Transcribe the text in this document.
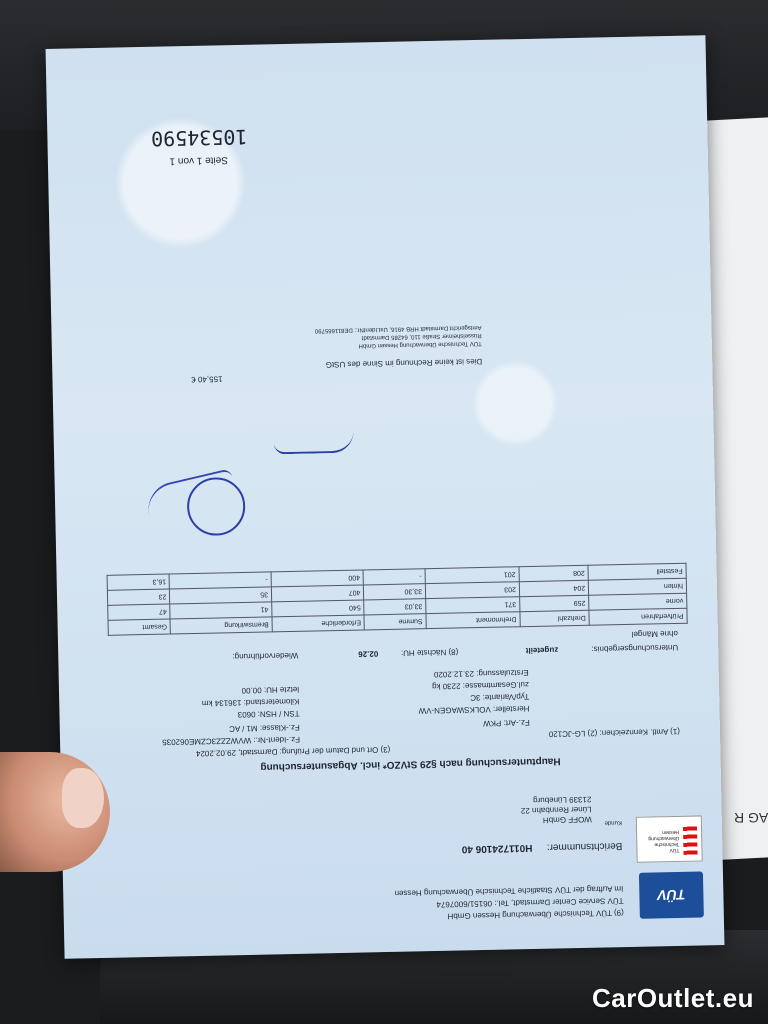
AG R
TÜV
TÜV
Technische
Überwachung
Hessen
(9) TÜV Technische Überwachung Hessen GmbH
TÜV Service Center Darmstadt, Tel.: 06151/6007674
Im Auftrag der TÜV Staatliche Technische Überwachung Hessen
Berichtsnummer:
H011724106 40
Kunde
WOFF GmbH
Lüner Rennbahn 22
21339 Lüneburg
Hauptuntersuchung nach §29 StVZO* incl. Abgasuntersuchung
(3) Ort und Datum der Prüfung: Darmstadt, 29.02.2024
(1) Amtl. Kennzeichen: (2) LG-JC120
Fz.-Art: PKW
Hersteller: VOLKSWAGEN-VW
Typ/Variante: 3C
zul.Gesamtmasse: 2230 kg
Erstzulassung: 23.12.2020
Fz.-Ident-Nr.: WVWZZZ3CZME062035
Fz.-Klasse: M1 / AC
TSN / HSN: 0603
Kilometerstand: 136134 km
letzte HU: 00.00
Untersuchungsergebnis:
zugeteilt
(8) Nächste HU:
02.26
Wiedervorführung:
ohne Mängel
Prüfverfahren	Drehzahl	Drehmoment	Summe	Erforderliche	Bremswirkung	Gesamt
vorne	259	371	33,03	540	41	47
hinten	204	203	33,30	407	35	23
Feststell	208	201	-	400	-	16,3
155,40 €
Dies ist keine Rechnung im Sinne des UStG
TÜV Technische Überwachung Hessen GmbH
Rüsselsheimer Straße 110, 64285 Darmstadt
Amtsgericht Darmstadt HRB 4916, Ust.IdentNr.: DE811665790
Seite 1 von 1
10534590
CarOutlet.eu
